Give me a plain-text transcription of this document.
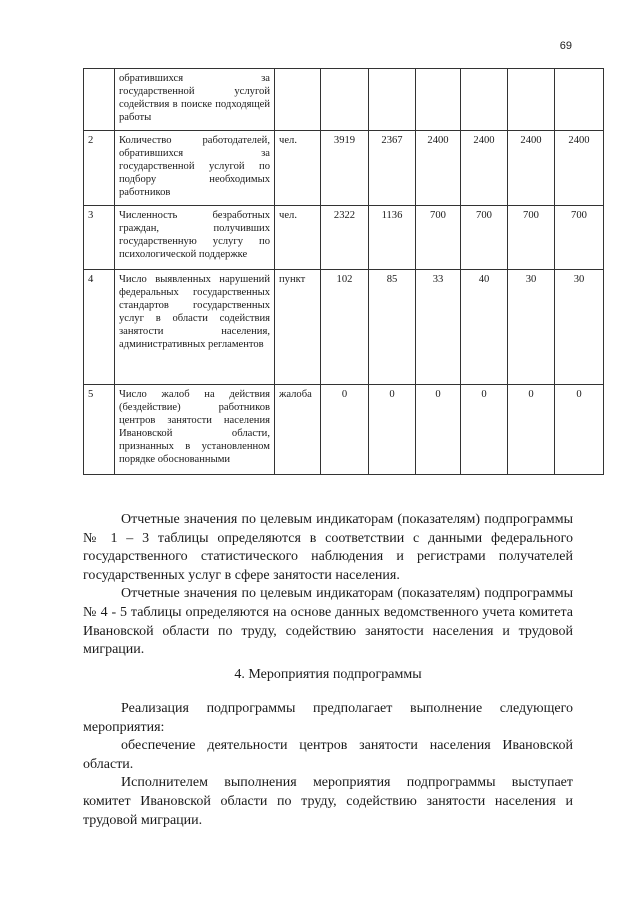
69
	обратившихся за государственной услугой содействия в поиске подходящей работы							
2	Количество работодателей, обратившихся за государственной услугой по подбору необходимых работников	чел.	3919	2367	2400	2400	2400	2400
3	Численность безработных граждан, получивших государственную услугу по психологической поддержке	чел.	2322	1136	700	700	700	700
4	Число выявленных нарушений федеральных государственных стандартов государственных услуг в области содействия занятости населения, административных регламентов	пункт	102	85	33	40	30	30
5	Число жалоб на действия (бездействие) работников центров занятости населения Ивановской области, признанных в установленном порядке обоснованными	жалоба	0	0	0	0	0	0

Отчетные значения по целевым индикаторам (показателям) подпрограммы № 1 – 3 таблицы определяются в соответствии с данными федерального государственного статистического наблюдения и регистрами получателей государственных услуг в сфере занятости населения.

Отчетные значения по целевым индикаторам (показателям) подпрограммы № 4 - 5 таблицы определяются на основе данных ведомственного учета комитета Ивановской области по труду, содействию занятости населения и трудовой миграции.

4. Мероприятия подпрограммы

Реализация подпрограммы предполагает выполнение следующего мероприятия:

обеспечение деятельности центров занятости населения Ивановской области.

Исполнителем выполнения мероприятия подпрограммы выступает комитет Ивановской области по труду, содействию занятости населения и трудовой миграции.
